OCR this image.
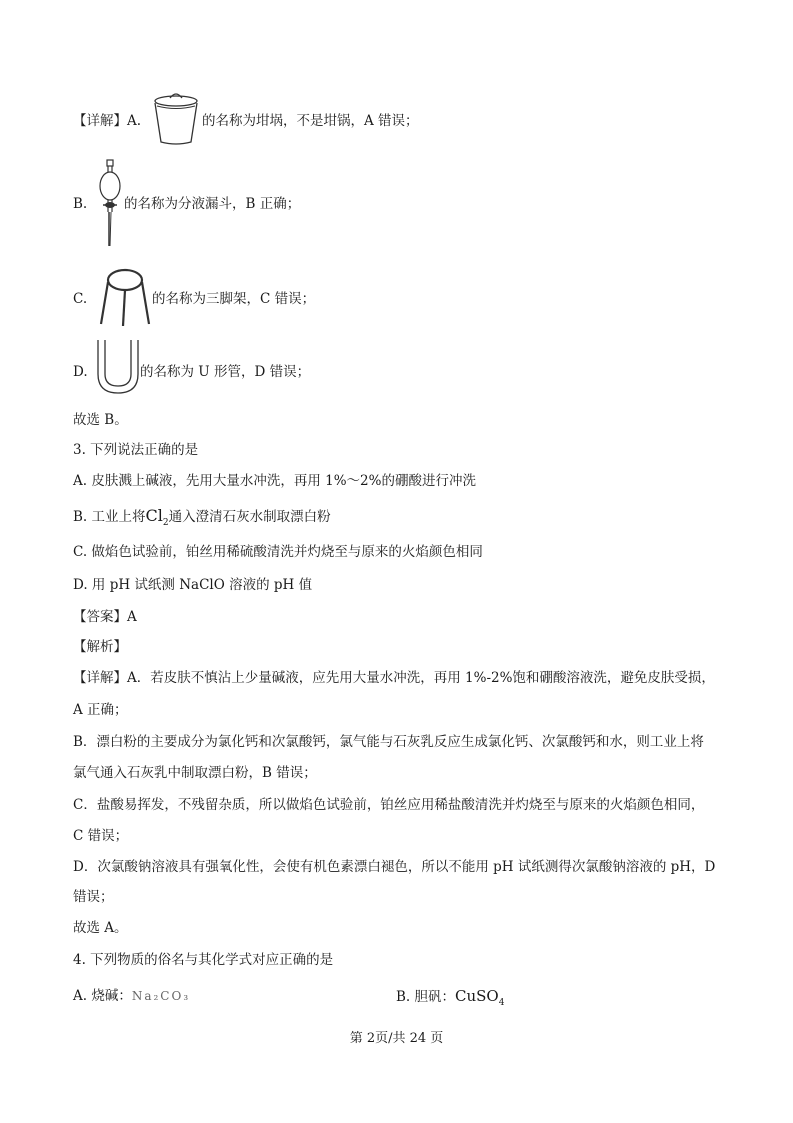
【详解】A.	的名称为坩埚，不是坩锅，A 错误；
B.	的名称为分液漏斗，B 正确；
C.	的名称为三脚架，C 错误；
D.	的名称为 U 形管，D 错误；
故选 B。
3. 下列说法正确的是
A. 皮肤溅上碱液，先用大量水冲洗，再用 1%～2%的硼酸进行冲洗
B. 工业上将$Cl_2$通入澄清石灰水制取漂白粉
C. 做焰色试验前，铂丝用稀硫酸清洗并灼烧至与原来的火焰颜色相同
D. 用 pH 试纸测 NaClO 溶液的 pH 值
【答案】A
【解析】
【详解】A．若皮肤不慎沾上少量碱液，应先用大量水冲洗，再用 1%-2%饱和硼酸溶液洗，避免皮肤受损，
A 正确；
B．漂白粉的主要成分为氯化钙和次氯酸钙，氯气能与石灰乳反应生成氯化钙、次氯酸钙和水，则工业上将
氯气通入石灰乳中制取漂白粉，B 错误；
C．盐酸易挥发，不残留杂质，所以做焰色试验前，铂丝应用稀盐酸清洗并灼烧至与原来的火焰颜色相同，
C 错误；
D．次氯酸钠溶液具有强氧化性，会使有机色素漂白褪色，所以不能用 pH 试纸测得次氯酸钠溶液的 pH，D
错误；
故选 A。
4. 下列物质的俗名与其化学式对应正确的是
A. 烧碱：Na₂CO₃	B. 胆矾：CuSO$_4$
第 2页/共 24 页
